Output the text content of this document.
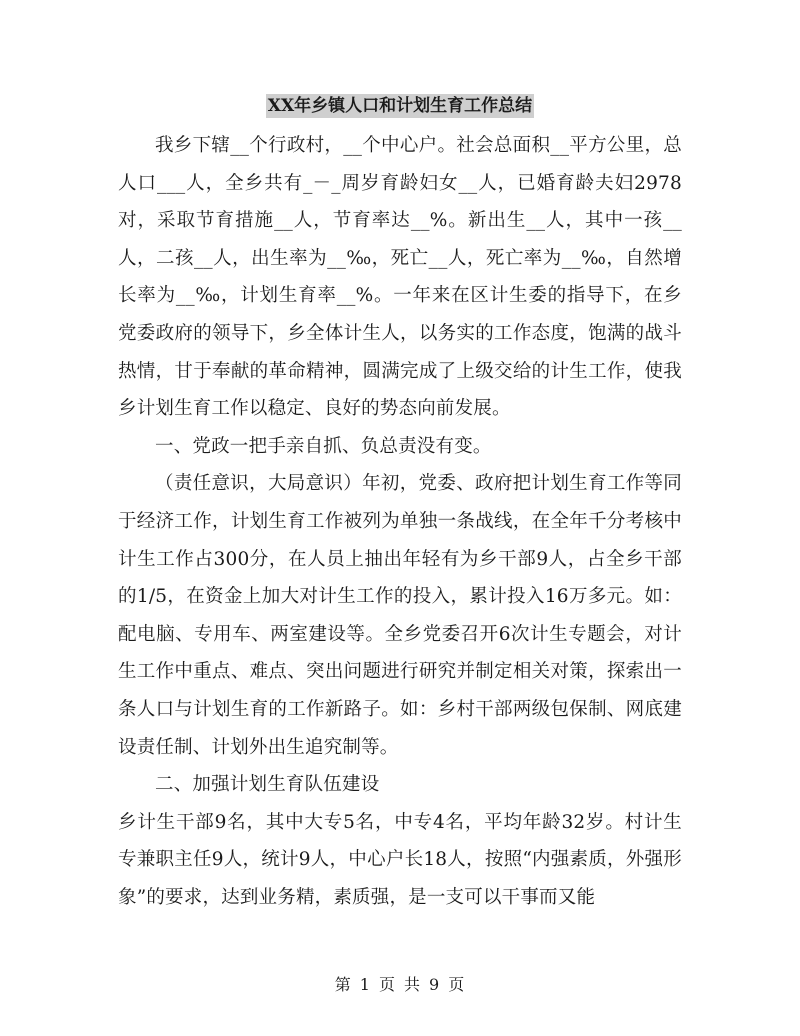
XX年乡镇人口和计划生育工作总结

我乡下辖__个行政村，__个中心户。社会总面积__平方公里，总人口___人，全乡共有_－_周岁育龄妇女__人，已婚育龄夫妇2978对，采取节育措施__人，节育率达__%。新出生__人，其中一孩__人，二孩__人，出生率为__‰，死亡__人，死亡率为__‰，自然增长率为__‰，计划生育率__%。一年来在区计生委的指导下，在乡党委政府的领导下，乡全体计生人，以务实的工作态度，饱满的战斗热情，甘于奉献的革命精神，圆满完成了上级交给的计生工作，使我乡计划生育工作以稳定、良好的势态向前发展。

一、党政一把手亲自抓、负总责没有变。

（责任意识，大局意识）年初，党委、政府把计划生育工作等同于经济工作，计划生育工作被列为单独一条战线，在全年千分考核中计生工作占300分，在人员上抽出年轻有为乡干部9人，占全乡干部的1/5，在资金上加大对计生工作的投入，累计投入16万多元。如：配电脑、专用车、两室建设等。全乡党委召开6次计生专题会，对计生工作中重点、难点、突出问题进行研究并制定相关对策，探索出一条人口与计划生育的工作新路子。如：乡村干部两级包保制、网底建设责任制、计划外出生追究制等。

二、加强计划生育队伍建设

乡计生干部9名，其中大专5名，中专4名，平均年龄32岁。村计生专兼职主任9人，统计9人，中心户长18人，按照“内强素质，外强形象”的要求，达到业务精，素质强，是一支可以干事而又能

第 1 页 共 9 页
